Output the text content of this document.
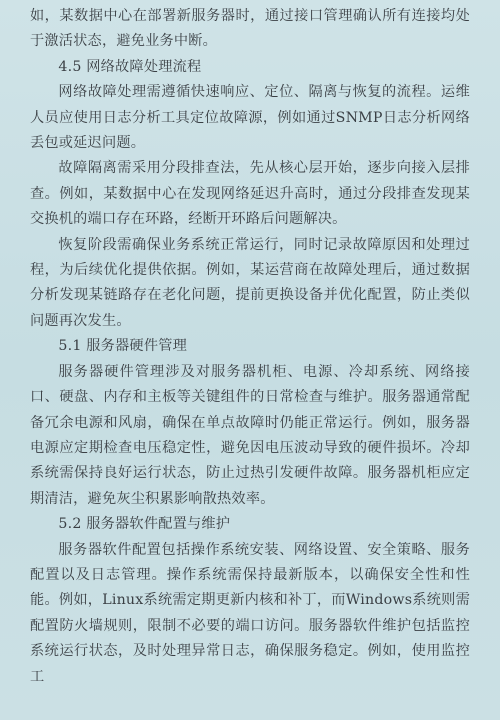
如，某数据中心在部署新服务器时，通过接口管理确认所有连接均处于激活状态，避免业务中断。

4.5 网络故障处理流程

网络故障处理需遵循快速响应、定位、隔离与恢复的流程。运维人员应使用日志分析工具定位故障源，例如通过SNMP日志分析网络丢包或延迟问题。

故障隔离需采用分段排查法，先从核心层开始，逐步向接入层排查。例如，某数据中心在发现网络延迟升高时，通过分段排查发现某交换机的端口存在环路，经断开环路后问题解决。

恢复阶段需确保业务系统正常运行，同时记录故障原因和处理过程，为后续优化提供依据。例如，某运营商在故障处理后，通过数据分析发现某链路存在老化问题，提前更换设备并优化配置，防止类似问题再次发生。

5.1 服务器硬件管理

服务器硬件管理涉及对服务器机柜、电源、冷却系统、网络接口、硬盘、内存和主板等关键组件的日常检查与维护。服务器通常配备冗余电源和风扇，确保在单点故障时仍能正常运行。例如，服务器电源应定期检查电压稳定性，避免因电压波动导致的硬件损坏。冷却系统需保持良好运行状态，防止过热引发硬件故障。服务器机柜应定期清洁，避免灰尘积累影响散热效率。

5.2 服务器软件配置与维护

服务器软件配置包括操作系统安装、网络设置、安全策略、服务配置以及日志管理。操作系统需保持最新版本，以确保安全性和性能。例如，Linux系统需定期更新内核和补丁，而Windows系统则需配置防火墙规则，限制不必要的端口访问。服务器软件维护包括监控系统运行状态，及时处理异常日志，确保服务稳定。例如，使用监控工
